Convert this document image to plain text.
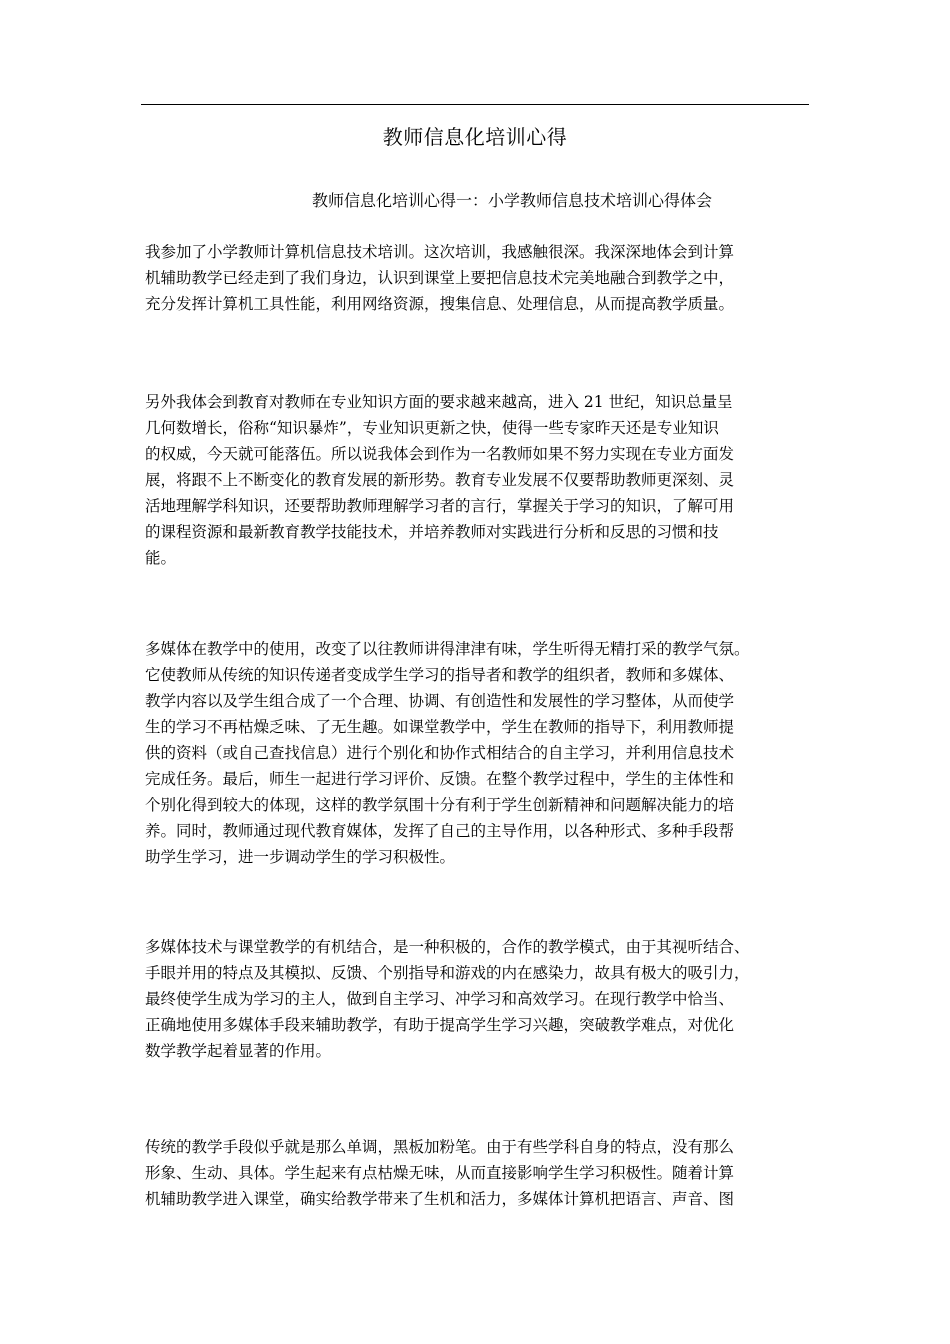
教师信息化培训心得
教师信息化培训心得一：小学教师信息技术培训心得体会
我参加了小学教师计算机信息技术培训。这次培训，我感触很深。我深深地体会到计算
机辅助教学已经走到了我们身边，认识到课堂上要把信息技术完美地融合到教学之中，
充分发挥计算机工具性能，利用网络资源，搜集信息、处理信息，从而提高教学质量。
另外我体会到教育对教师在专业知识方面的要求越来越高，进入 21 世纪，知识总量呈
几何数增长，俗称“知识暴炸”，专业知识更新之快，使得一些专家昨天还是专业知识
的权威，今天就可能落伍。所以说我体会到作为一名教师如果不努力实现在专业方面发
展，将跟不上不断变化的教育发展的新形势。教育专业发展不仅要帮助教师更深刻、灵
活地理解学科知识，还要帮助教师理解学习者的言行，掌握关于学习的知识，了解可用
的课程资源和最新教育教学技能技术，并培养教师对实践进行分析和反思的习惯和技
能。
多媒体在教学中的使用，改变了以往教师讲得津津有味，学生听得无精打采的教学气氛。
它使教师从传统的知识传递者变成学生学习的指导者和教学的组织者，教师和多媒体、
教学内容以及学生组合成了一个合理、协调、有创造性和发展性的学习整体，从而使学
生的学习不再枯燥乏味、了无生趣。如课堂教学中，学生在教师的指导下，利用教师提
供的资料（或自己查找信息）进行个别化和协作式相结合的自主学习，并利用信息技术
完成任务。最后，师生一起进行学习评价、反馈。在整个教学过程中，学生的主体性和
个别化得到较大的体现，这样的教学氛围十分有利于学生创新精神和问题解决能力的培
养。同时，教师通过现代教育媒体，发挥了自己的主导作用，以各种形式、多种手段帮
助学生学习，进一步调动学生的学习积极性。
多媒体技术与课堂教学的有机结合，是一种积极的，合作的教学模式，由于其视听结合、
手眼并用的特点及其模拟、反馈、个别指导和游戏的内在感染力，故具有极大的吸引力，
最终使学生成为学习的主人，做到自主学习、冲学习和高效学习。在现行教学中恰当、
正确地使用多媒体手段来辅助教学，有助于提高学生学习兴趣，突破教学难点，对优化
数学教学起着显著的作用。
传统的教学手段似乎就是那么单调，黑板加粉笔。由于有些学科自身的特点，没有那么
形象、生动、具体。学生起来有点枯燥无味，从而直接影响学生学习积极性。随着计算
机辅助教学进入课堂，确实给教学带来了生机和活力，多媒体计算机把语言、声音、图
